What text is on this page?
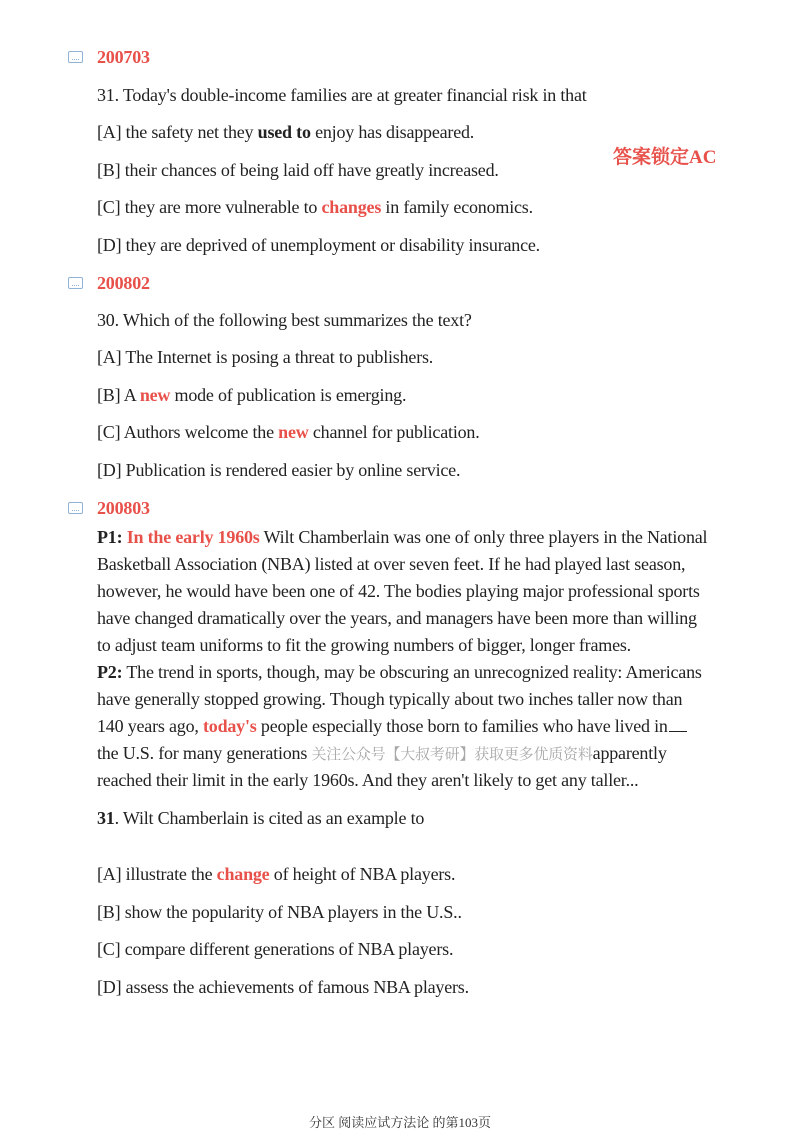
答案锁定AC
分区 阅读应试方法论 的第103页
200703
31. Today's double-income families are at greater financial risk in that
[A] the safety net they used to enjoy has disappeared.
[B] their chances of being laid off have greatly increased.
[C] they are more vulnerable to changes in family economics.
[D] they are deprived of unemployment or disability insurance.
200802
30. Which of the following best summarizes the text?
[A] The Internet is posing a threat to publishers.
[B] A new mode of publication is emerging.
[C] Authors welcome the new channel for publication.
[D] Publication is rendered easier by online service.
200803
P1: In the early 1960s Wilt Chamberlain was one of only three players in the National
Basketball Association (NBA) listed at over seven feet. If he had played last season,
however, he would have been one of 42. The bodies playing major professional sports
have changed dramatically over the years, and managers have been more than willing
to adjust team uniforms to fit the growing numbers of bigger, longer frames.
P2: The trend in sports, though, may be obscuring an unrecognized reality: Americans
have generally stopped growing. Though typically about two inches taller now than
140 years ago, today's people especially those born to families who have lived in
the U.S. for many generations 关注公众号【大叔考研】获取更多优质资料apparently
reached their limit in the early 1960s. And they aren't likely to get any taller...
31. Wilt Chamberlain is cited as an example to
[A] illustrate the change of height of NBA players.
[B] show the popularity of NBA players in the U.S..
[C] compare different generations of NBA players.
[D] assess the achievements of famous NBA players.
